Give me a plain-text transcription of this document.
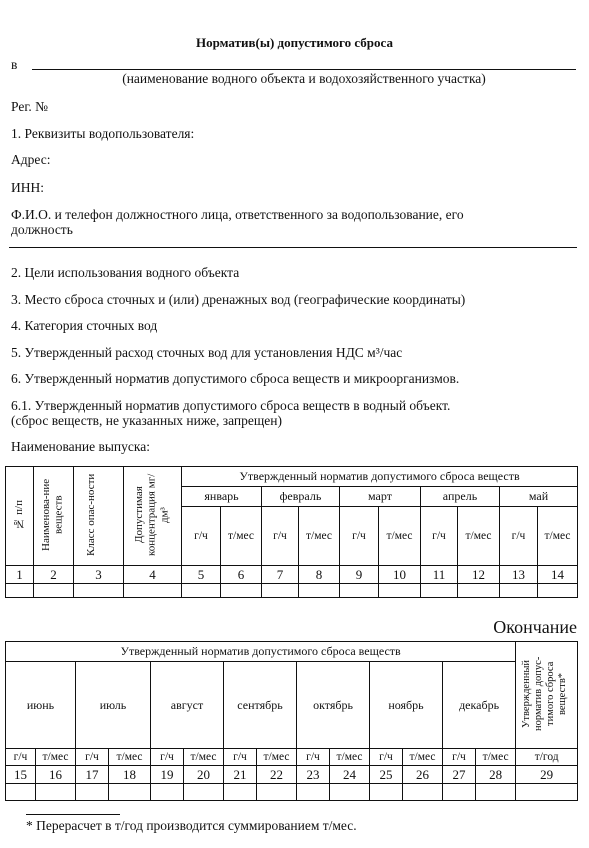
Норматив(ы) допустимого сброса
в
(наименование водного объекта и водохозяйственного участка)
Рег. №
1. Реквизиты водопользователя:
Адрес:
ИНН:
Ф.И.О. и телефон должностного лица, ответственного за водопользование, его
должность
2. Цели использования водного объекта
3. Место сброса сточных и (или) дренажных вод (географические координаты)
4. Категория сточных вод
5. Утвержденный расход сточных вод для установления НДС м³/час
6. Утвержденный норматив допустимого сброса веществ и микроорганизмов.
6.1. Утвержденный норматив допустимого сброса веществ в водный объект.
(сброс веществ, не указанных ниже, запрещен)
Наименование выпуска:
№ п/п	Наименова-ние веществ	Класс опас-ности	Допустимая концентрация мг/дм³	Утвержденный норматив допустимого сброса веществ									
				январь		февраль		март		апрель		май	
				г/ч	т/мес	г/ч	т/мес	г/ч	т/мес	г/ч	т/мес	г/ч	т/мес
1	2	3	4	5	6	7	8	9	10	11	12	13	14

Окончание
Утвержденный норматив допустимого сброса веществ														Утвержденный норматив допус-тимого сброса веществ*
июнь		июль		август		сентябрь		октябрь		ноябрь		декабрь		
г/ч	т/мес	г/ч	т/мес	г/ч	т/мес	г/ч	т/мес	г/ч	т/мес	г/ч	т/мес	г/ч	т/мес	т/год
15	16	17	18	19	20	21	22	23	24	25	26	27	28	29

* Перерасчет в т/год производится суммированием т/мес.
